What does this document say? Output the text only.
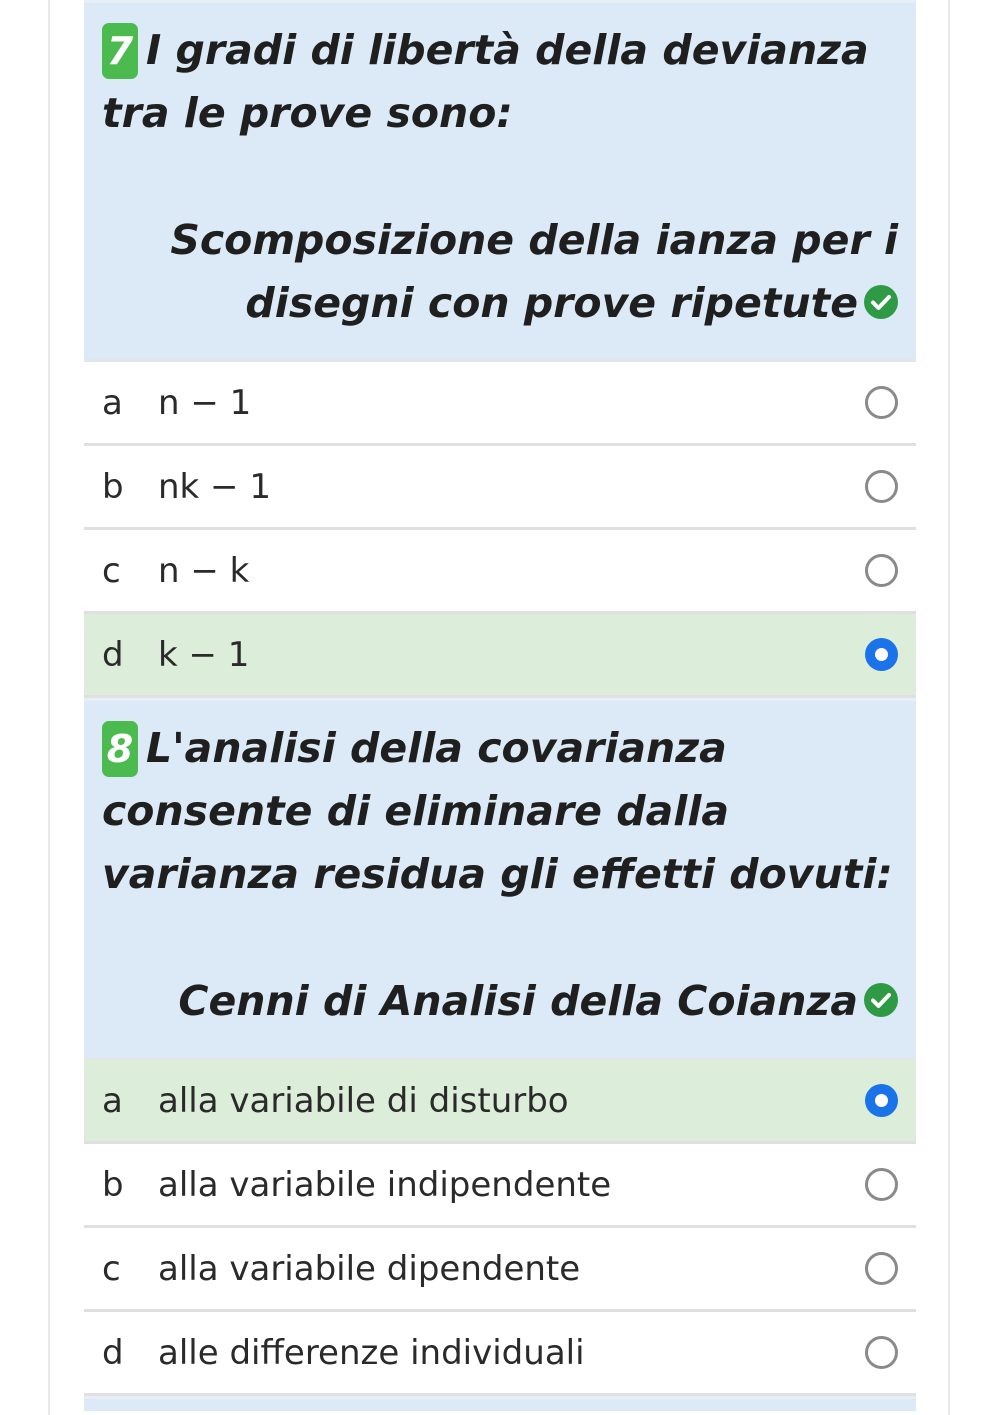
7 I gradi di libertà della devianza tra le prove sono:

Scomposizione della ianza per i disegni con prove ripetute
a	n − 1
b	nk − 1
c	n − k
d	k − 1

8 L'analisi della covarianza consente di eliminare dalla varianza residua gli effetti dovuti:

Cenni di Analisi della Coianza
a	alla variabile di disturbo
b	alla variabile indipendente
c	alla variabile dipendente
d	alle differenze individuali
